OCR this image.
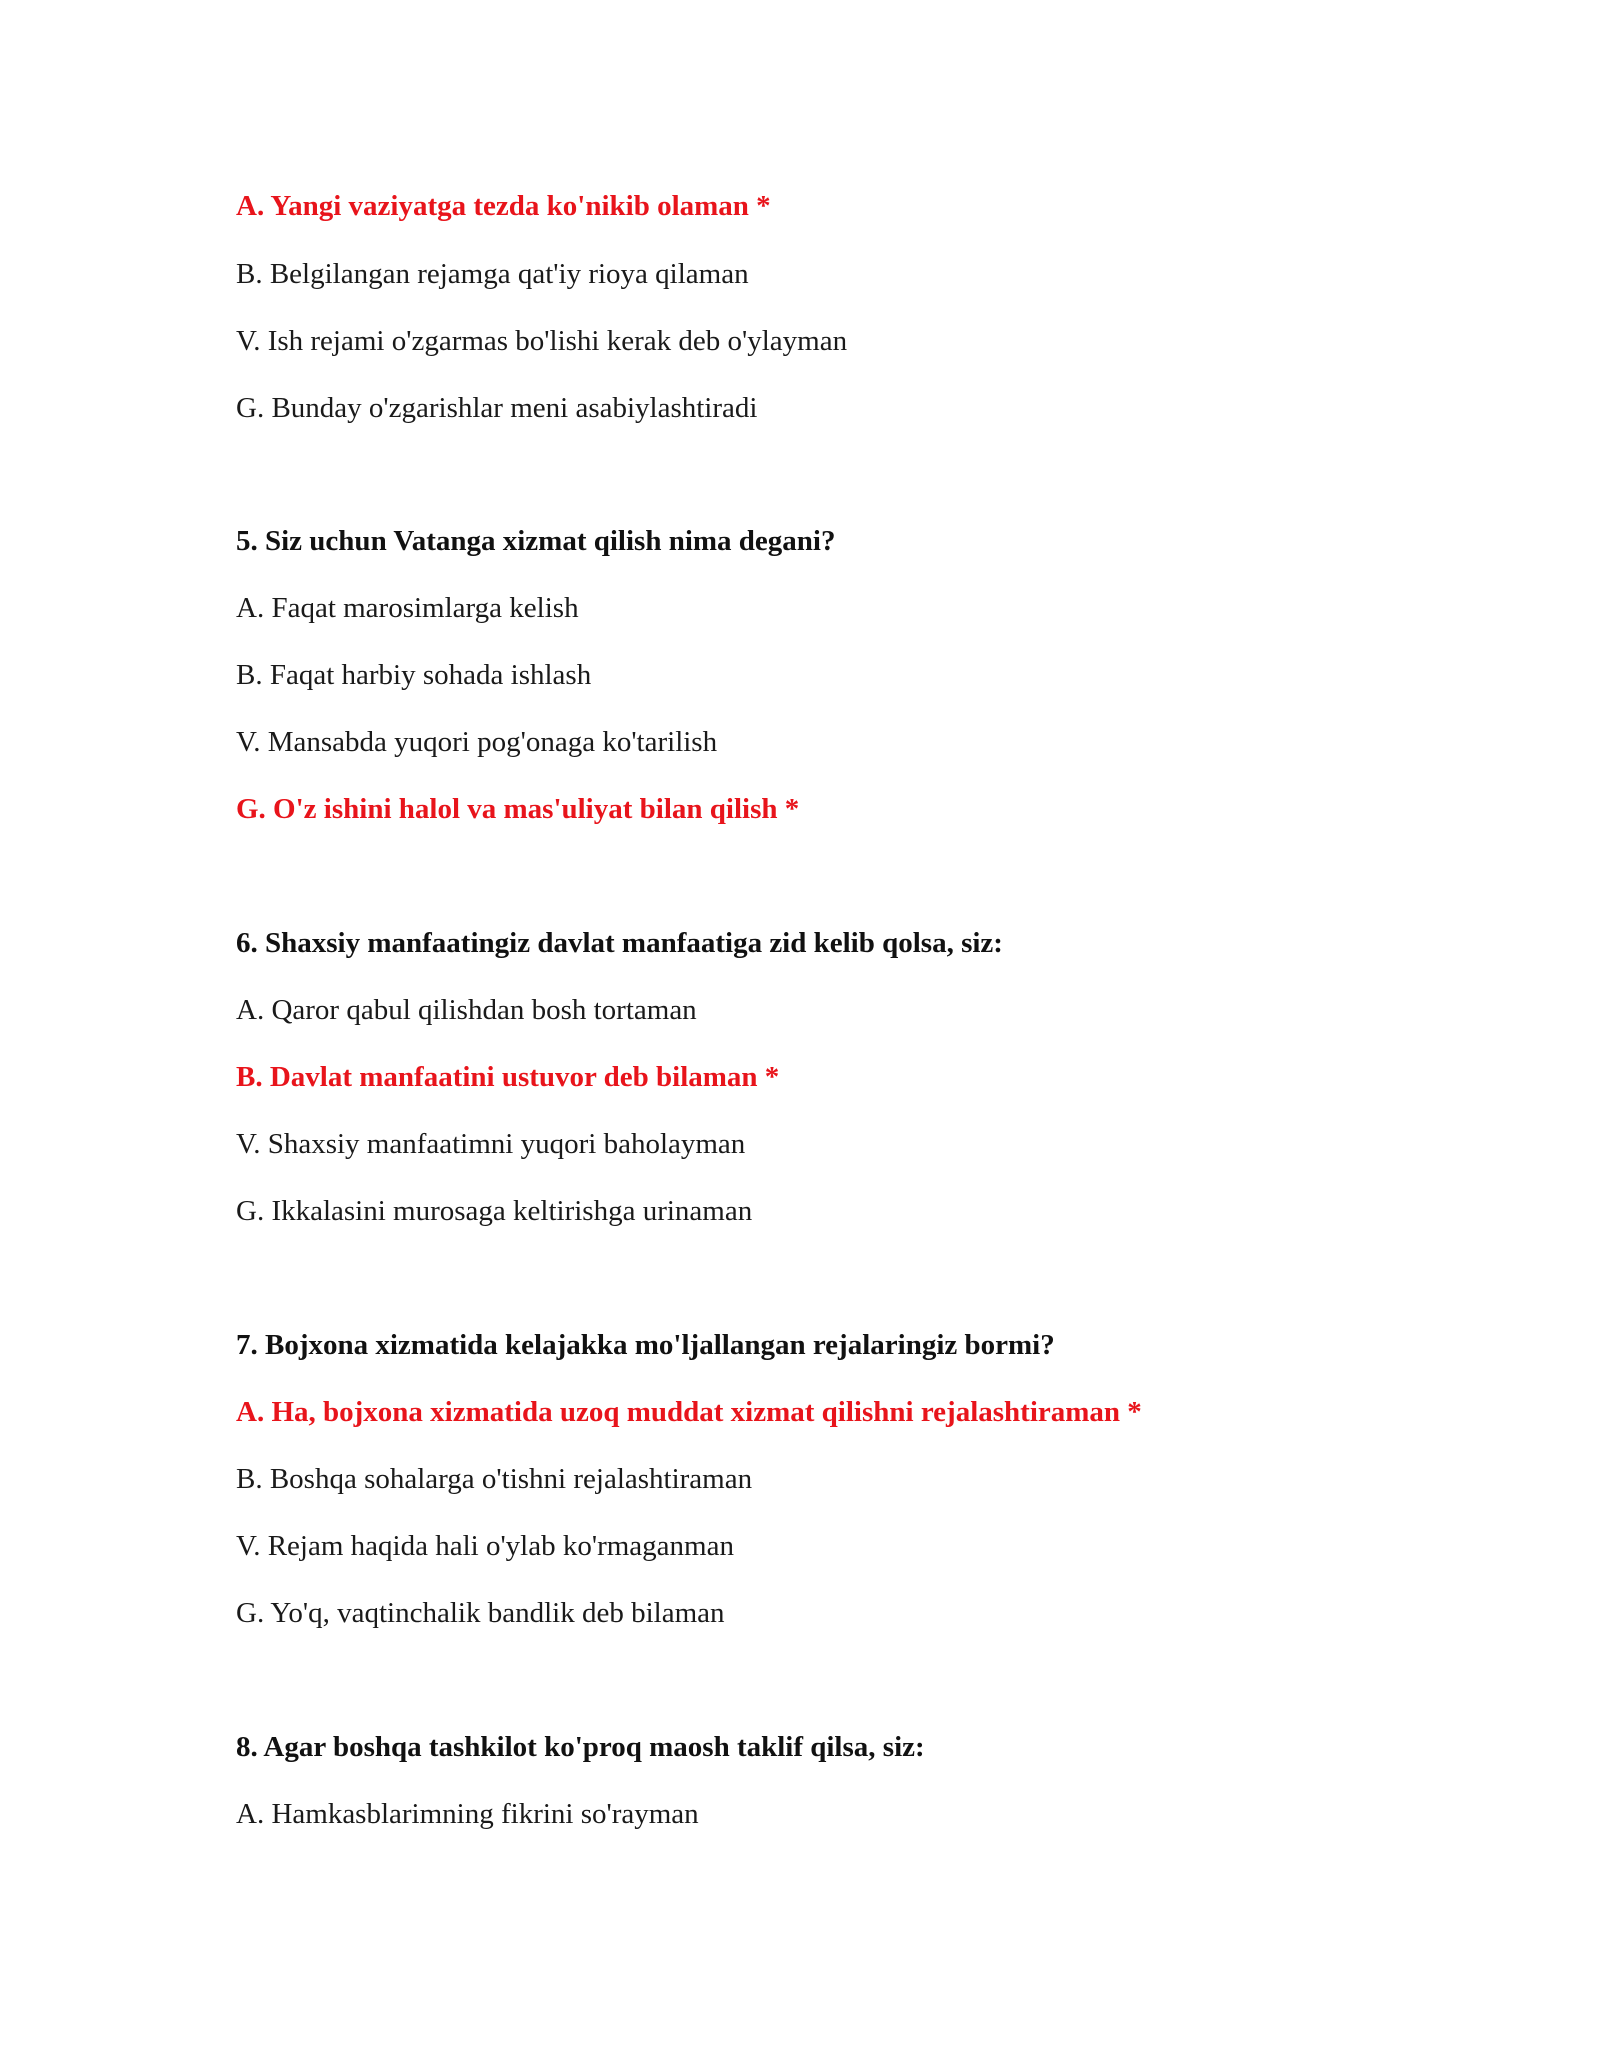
A. Yangi vaziyatga tezda ko'nikib olaman *
B. Belgilangan rejamga qat'iy rioya qilaman
V. Ish rejami o'zgarmas bo'lishi kerak deb o'ylayman
G. Bunday o'zgarishlar meni asabiylashtiradi
5. Siz uchun Vatanga xizmat qilish nima degani?
A. Faqat marosimlarga kelish
B. Faqat harbiy sohada ishlash
V. Mansabda yuqori pog'onaga ko'tarilish
G. O'z ishini halol va mas'uliyat bilan qilish *
6. Shaxsiy manfaatingiz davlat manfaatiga zid kelib qolsa, siz:
A. Qaror qabul qilishdan bosh tortaman
B. Davlat manfaatini ustuvor deb bilaman *
V. Shaxsiy manfaatimni yuqori baholayman
G. Ikkalasini murosaga keltirishga urinaman
7. Bojxona xizmatida kelajakka mo'ljallangan rejalaringiz bormi?
A. Ha, bojxona xizmatida uzoq muddat xizmat qilishni rejalashtiraman *
B. Boshqa sohalarga o'tishni rejalashtiraman
V. Rejam haqida hali o'ylab ko'rmaganman
G. Yo'q, vaqtinchalik bandlik deb bilaman
8. Agar boshqa tashkilot ko'proq maosh taklif qilsa, siz:
A. Hamkasblarimning fikrini so'rayman
